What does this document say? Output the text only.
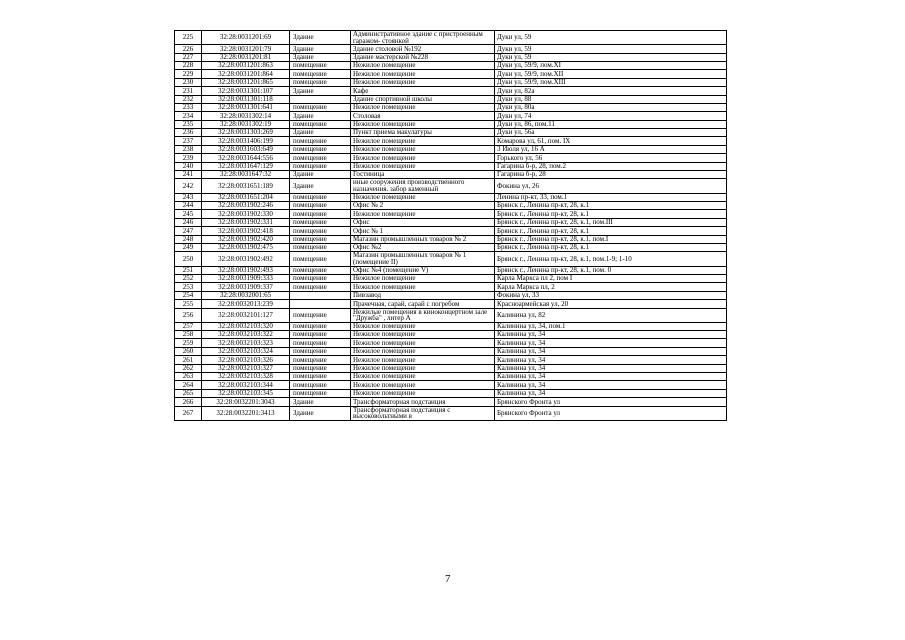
225	32:28:0031201:69	Здание	Административное здание с пристроенным гаражом- стоянкой	Дуки ул, 59
226	32:28:0031201:79	Здание	Здание столовой №192	Дуки ул, 59
227	32:28:0031201:81	Здание	Здание мастерской №228	Дуки ул, 59
228	32:28:0031201:863	помещение	Нежилое помещение	Дуки ул, 59/9, пом.XI
229	32:28:0031201:864	помещение	Нежилое помещение	Дуки ул, 59/9, пом.XII
230	32:28:0031201:865	помещение	Нежилое помещение	Дуки ул, 59/9, пом.XIII
231	32:28:0031301:107	Здание	Кафе	Дуки ул, 82а
232	32:28:0031301:118		Здание спортивной школы	Дуки ул, 88
233	32:28:0031301:641	помещение	Нежилое помещение	Дуки ул, 80а
234	32:28:0031302:14	Здание	Столовая	Дуки ул, 74
235	32:28:0031302:19	помещение	Нежилое помещение	Дуки ул, 86, пом.11
236	32:28:0031303:269	Здание	Пункт приема макулатуры	Дуки ул, 56а
237	32:28:0031406:199	помещение	Нежилое помещение	Комарова ул, 61, пом. IX
238	32:28:0031603:649	помещение	Нежилое помещение	3 Июля ул, 16 А
239	32:28:0031644:556	помещение	Нежилое помещение	Горького ул, 56
240	32:28:0031647:129	помещение	Нежилое помещение	Гагарина б-р, 28, пом.2
241	32:28:0031647:32	Здание	Гостиница	Гагарина б-р, 28
242	32:28:0031651:189	Здание	иные сооружения производственного назначения. забор каменный	Фокина ул, 26
243	32:28:0031651:204	помещение	Нежилое помещение	Ленина пр-кт, 33, пом.1
244	32:28:0031902:246	помещение	Офис № 2	Брянск г., Ленина пр-кт, 28, к.1
245	32:28:0031902:330	помещение	Нежилое помещение	Брянск г., Ленина пр-кт, 28, к.1
246	32:28:0031902:331	помещение	Офис	Брянск г., Ленина пр-кт, 28, к.1, пом.III
247	32:28:0031902:418	помещение	Офис № 1	Брянск г., Ленина пр-кт, 28, к.1
248	32:28:0031902:420	помещение	Магазин промышленных товаров № 2	Брянск г., Ленина пр-кт, 28, к.1, пом.I
249	32:28:0031902:475	помещение	Офис №2	Брянск г., Ленина пр-кт, 28, к.1
250	32:28:0031902:492	помещение	Магазин промышленных товаров № 1 (помещение II)	Брянск г., Ленина пр-кт, 28, к.1, пом.1-9; 1-10
251	32:28:0031902:493	помещение	Офис №4 (помещение V)	Брянск г., Ленина пр-кт, 28, к.1, пом. 0
252	32:28:0031909:333	помещение	Нежилое помещение	Карла Маркса пл 2, пом I
253	32:28:0031909:337	помещение	Нежилое помещение	Карла Маркса пл, 2
254	32:28:0032001:65		Пивзавод	Фокина ул, 33
255	32:28:0032013:239		Прачечная, сарай, сарай с погребом	Красноармейская ул, 20
256	32:28:0032101:127	помещение	Нежилые помещения в киноконцертном зале "Дружба" , литер А	Калинина ул, 82
257	32:28:0032103:320	помещение	Нежилое помещение	Калинина ул, 34, пом.1
258	32:28:0032103:322	помещение	Нежилое помещение	Калинина ул, 34
259	32:28:0032103:323	помещение	Нежилое помещение	Калинина ул, 34
260	32:28:0032103:324	помещение	Нежилое помещение	Калинина ул, 34
261	32:28:0032103:326	помещение	Нежилое помещение	Калинина ул, 34
262	32:28:0032103:327	помещение	Нежилое помещение	Калинина ул, 34
263	32:28:0032103:328	помещение	Нежилое помещение	Калинина ул, 34
264	32:28:0032103:344	помещение	Нежилое помещение	Калинина ул, 34
265	32:28:0032103:345	помещение	Нежилое помещение	Калинина ул, 34
266	32:28:0032201:3043	Здание	Трансформаторная подстанция	Брянского Фронта ул
267	32:28:0032201:3413	Здание	Трансформаторная подстанция с высоковольтными в	Брянского Фронта ул
7
